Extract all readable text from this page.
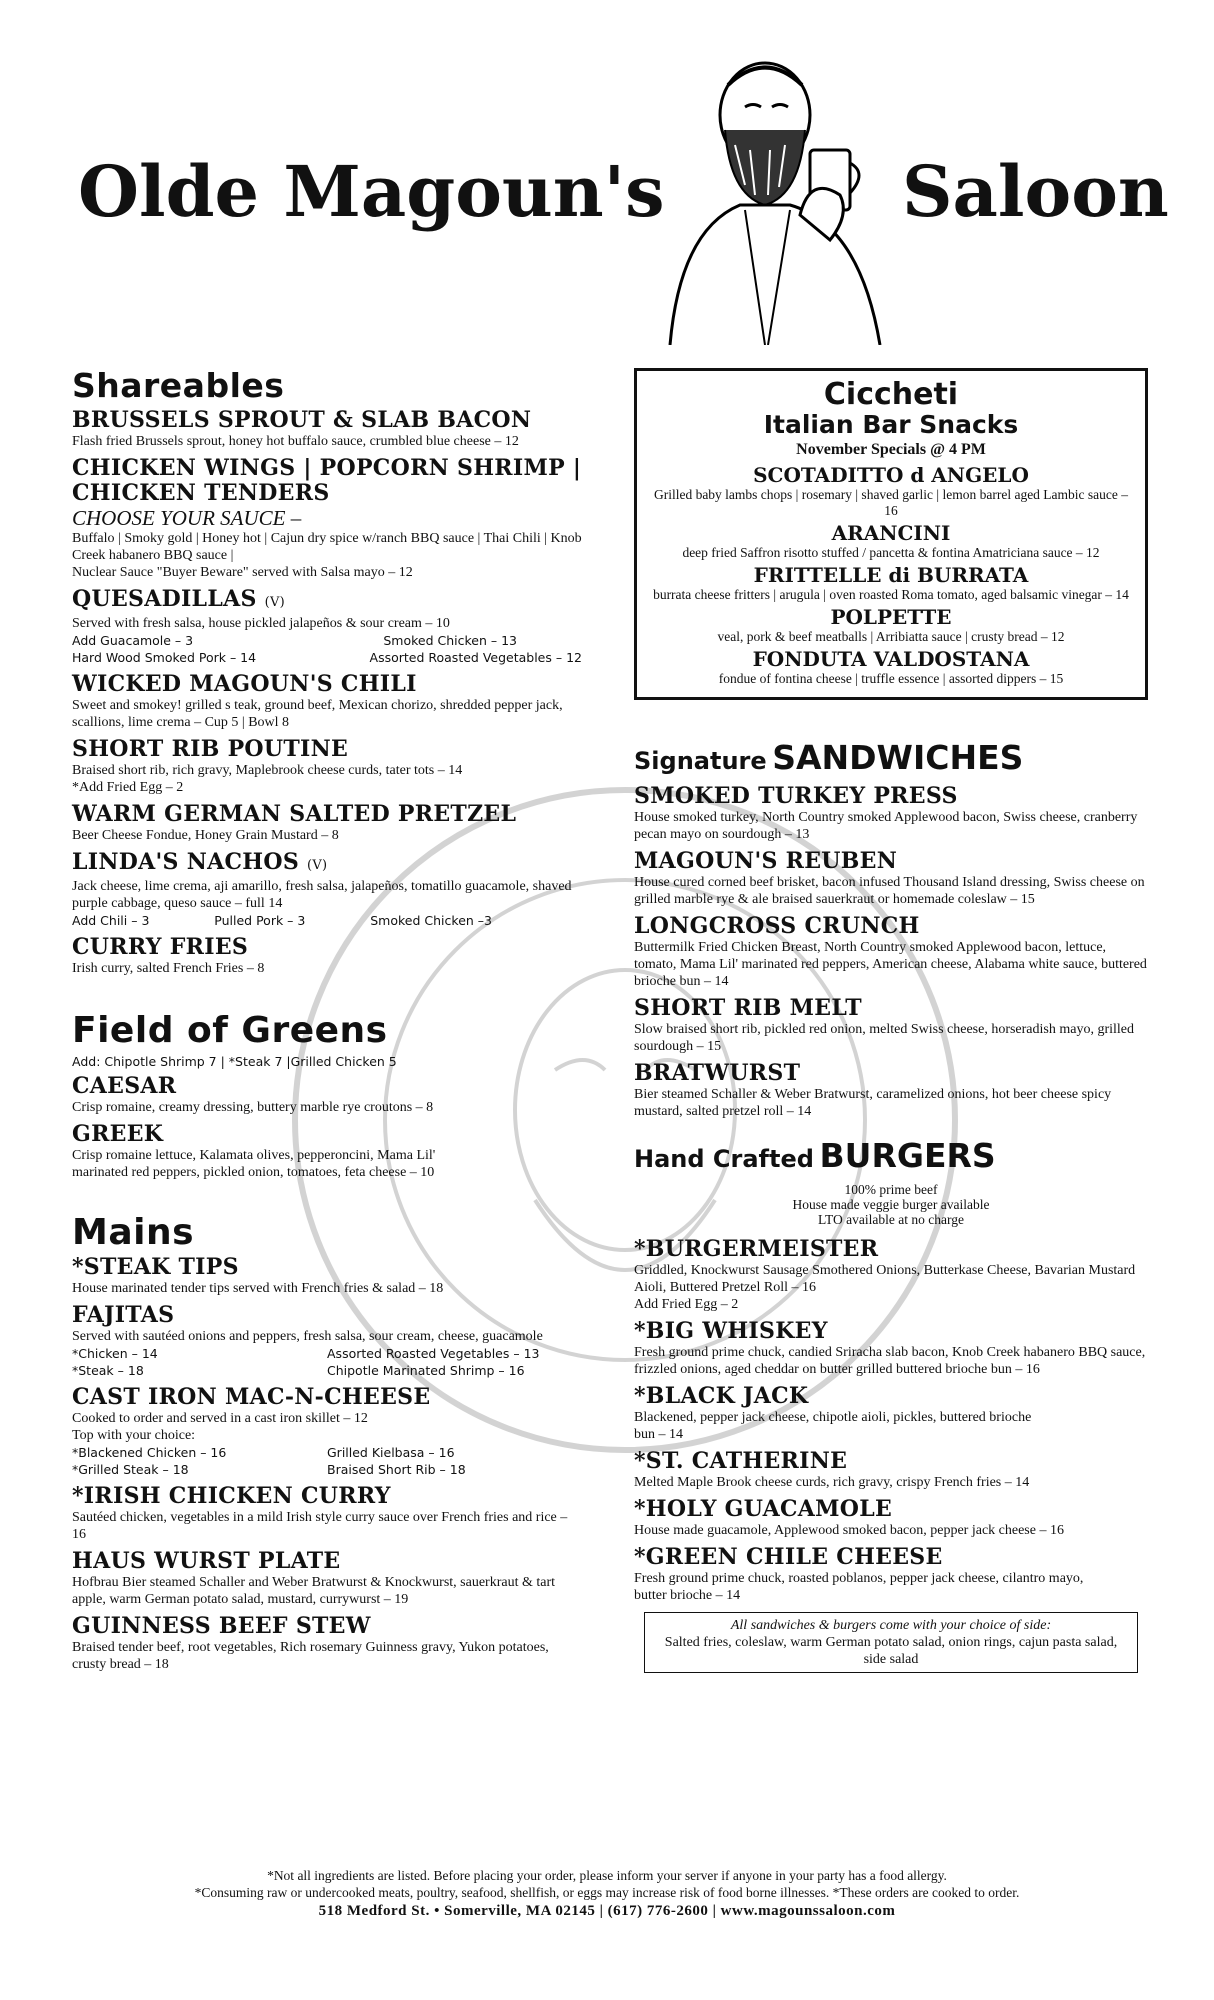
Olde Magoun's	Saloon
Shareables
BRUSSELS SPROUT & SLAB BACON
Flash fried Brussels sprout, honey hot buffalo sauce, crumbled blue cheese – 12
CHICKEN WINGS | POPCORN SHRIMP | CHICKEN TENDERS
CHOOSE YOUR SAUCE –
Buffalo | Smoky gold | Honey hot | Cajun dry spice w/ranch BBQ sauce | Thai Chili | Knob Creek habanero BBQ sauce |
Nuclear Sauce "Buyer Beware" served with Salsa mayo – 12
QUESADILLAS (V)
Served with fresh salsa, house pickled jalapeños & sour cream – 10
Add Guacamole – 3	Smoked Chicken – 13
Hard Wood Smoked Pork – 14	Assorted Roasted Vegetables – 12
WICKED MAGOUN'S CHILI
Sweet and smokey! grilled s teak, ground beef, Mexican chorizo, shredded pepper jack, scallions, lime crema – Cup 5 | Bowl 8
SHORT RIB POUTINE
Braised short rib, rich gravy, Maplebrook cheese curds, tater tots – 14
*Add Fried Egg – 2
WARM GERMAN SALTED PRETZEL
Beer Cheese Fondue, Honey Grain Mustard – 8
LINDA'S NACHOS (V)
Jack cheese, lime crema, aji amarillo, fresh salsa, jalapeños, tomatillo guacamole, shaved purple cabbage, queso sauce – full 14
Add Chili – 3	Pulled Pork – 3	Smoked Chicken –3
CURRY FRIES
Irish curry, salted French Fries – 8
Field of Greens
Add: Chipotle Shrimp 7 | *Steak 7 |Grilled Chicken 5
CAESAR
Crisp romaine, creamy dressing, buttery marble rye croutons – 8
GREEK
Crisp romaine lettuce, Kalamata olives, pepperoncini, Mama Lil' marinated red peppers, pickled onion, tomatoes, feta cheese – 10
Mains
*STEAK TIPS
House marinated tender tips served with French fries & salad – 18
FAJITAS
Served with sautéed onions and peppers, fresh salsa, sour cream, cheese, guacamole
*Chicken – 14	Assorted Roasted Vegetables – 13
*Steak – 18	Chipotle Marinated Shrimp – 16
CAST IRON MAC-N-CHEESE
Cooked to order and served in a cast iron skillet – 12
Top with your choice:
*Blackened Chicken – 16	Grilled Kielbasa – 16
*Grilled Steak – 18	Braised Short Rib – 18
*IRISH CHICKEN CURRY
Sautéed chicken, vegetables in a mild Irish style curry sauce over French fries and rice – 16
HAUS WURST PLATE
Hofbrau Bier steamed Schaller and Weber Bratwurst & Knockwurst, sauerkraut & tart apple, warm German potato salad, mustard, currywurst – 19
GUINNESS BEEF STEW
Braised tender beef, root vegetables, Rich rosemary Guinness gravy, Yukon potatoes, crusty bread – 18
Ciccheti
Italian Bar Snacks
November Specials @ 4 PM
SCOTADITTO d ANGELO
Grilled baby lambs chops | rosemary | shaved garlic | lemon barrel aged Lambic sauce – 16
ARANCINI
deep fried Saffron risotto stuffed / pancetta & fontina Amatriciana sauce – 12
FRITTELLE di BURRATA
burrata cheese fritters | arugula | oven roasted Roma tomato, aged balsamic vinegar – 14
POLPETTE
veal, pork & beef meatballs | Arribiatta sauce | crusty bread – 12
FONDUTA VALDOSTANA
fondue of fontina cheese | truffle essence | assorted dippers – 15
Signature SANDWICHES
SMOKED TURKEY PRESS
House smoked turkey, North Country smoked Applewood bacon, Swiss cheese, cranberry pecan mayo on sourdough – 13
MAGOUN'S REUBEN
House cured corned beef brisket, bacon infused Thousand Island dressing, Swiss cheese on grilled marble rye & ale braised sauerkraut or homemade coleslaw – 15
LONGCROSS CRUNCH
Buttermilk Fried Chicken Breast, North Country smoked Applewood bacon, lettuce, tomato, Mama Lil' marinated red peppers, American cheese, Alabama white sauce, buttered brioche bun – 14
SHORT RIB MELT
Slow braised short rib, pickled red onion, melted Swiss cheese, horseradish mayo, grilled sourdough – 15
BRATWURST
Bier steamed Schaller & Weber Bratwurst, caramelized onions, hot beer cheese spicy mustard, salted pretzel roll – 14
Hand Crafted BURGERS
100% prime beef
House made veggie burger available
LTO available at no charge
*BURGERMEISTER
Griddled, Knockwurst Sausage Smothered Onions, Butterkase Cheese, Bavarian Mustard Aioli, Buttered Pretzel Roll – 16
Add Fried Egg – 2
*BIG WHISKEY
Fresh ground prime chuck, candied Sriracha slab bacon, Knob Creek habanero BBQ sauce, frizzled onions, aged cheddar on butter grilled buttered brioche bun – 16
*BLACK JACK
Blackened, pepper jack cheese, chipotle aioli, pickles, buttered brioche bun – 14
*ST. CATHERINE
Melted Maple Brook cheese curds, rich gravy, crispy French fries – 14
*HOLY GUACAMOLE
House made guacamole, Applewood smoked bacon, pepper jack cheese – 16
*GREEN CHILE CHEESE
Fresh ground prime chuck, roasted poblanos, pepper jack cheese, cilantro mayo, butter brioche – 14
All sandwiches & burgers come with your choice of side:
Salted fries, coleslaw, warm German potato salad, onion rings, cajun pasta salad, side salad
*Not all ingredients are listed. Before placing your order, please inform your server if anyone in your party has a food allergy.
*Consuming raw or undercooked meats, poultry, seafood, shellfish, or eggs may increase risk of food borne illnesses. *These orders are cooked to order.
518 Medford St. • Somerville, MA 02145 | (617) 776-2600 | www.magounssaloon.com
